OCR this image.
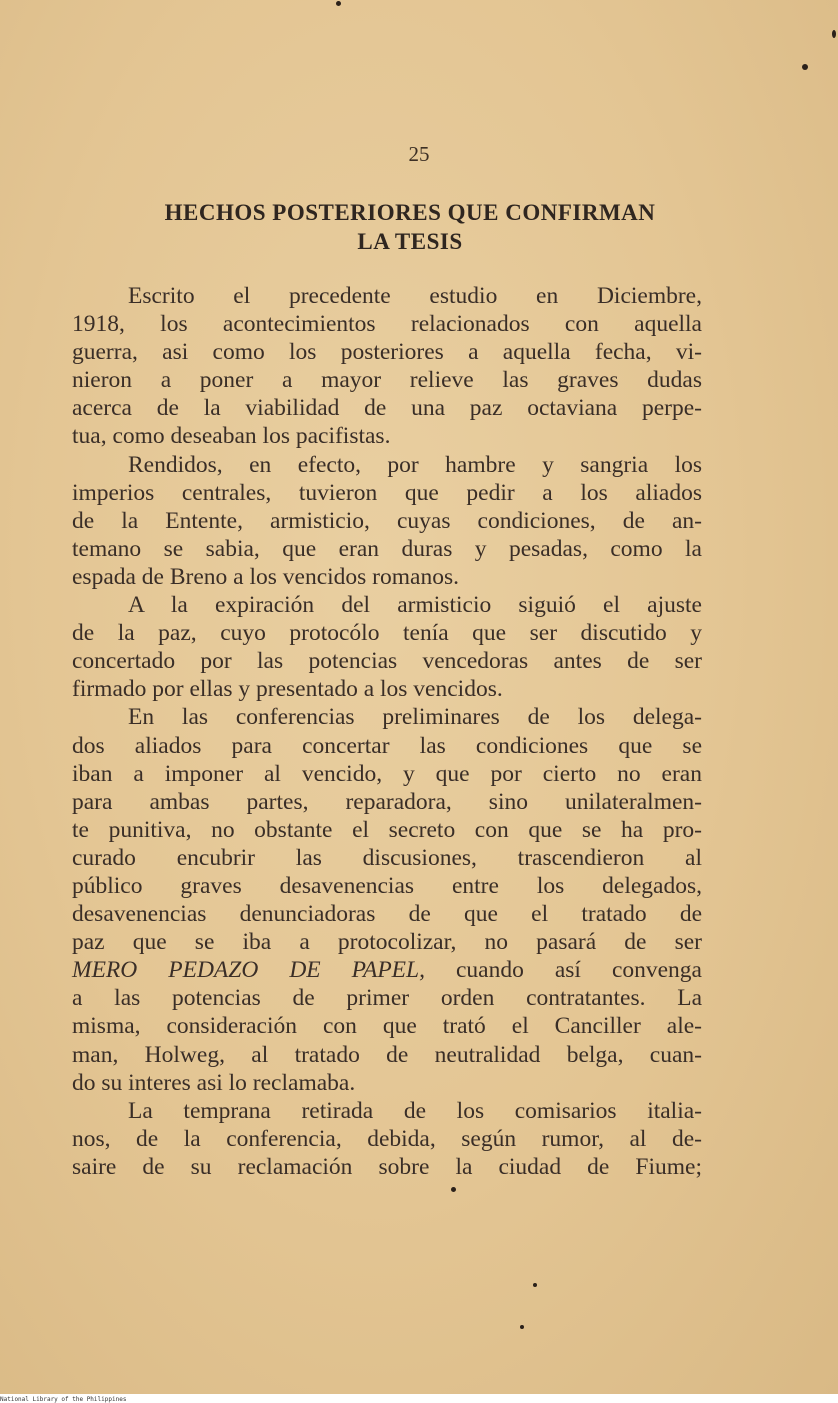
25
HECHOS POSTERIORES QUE CONFIRMAN
LA TESIS
Escrito el precedente estudio en Diciembre,
1918, los acontecimientos relacionados con aquella
guerra, asi como los posteriores a aquella fecha, vi-
nieron a poner a mayor relieve las graves dudas
acerca de la viabilidad de una paz octaviana perpe-
tua, como deseaban los pacifistas.
Rendidos, en efecto, por hambre y sangria los
imperios centrales, tuvieron que pedir a los aliados
de la Entente, armisticio, cuyas condiciones, de an-
temano se sabia, que eran duras y pesadas, como la
espada de Breno a los vencidos romanos.
A la expiración del armisticio siguió el ajuste
de la paz, cuyo protocólo tenía que ser discutido y
concertado por las potencias vencedoras antes de ser
firmado por ellas y presentado a los vencidos.
En las conferencias preliminares de los delega-
dos aliados para concertar las condiciones que se
iban a imponer al vencido, y que por cierto no eran
para ambas partes, reparadora, sino unilateralmen-
te punitiva, no obstante el secreto con que se ha pro-
curado encubrir las discusiones, trascendieron al
público graves desavenencias entre los delegados,
desavenencias denunciadoras de que el tratado de
paz que se iba a protocolizar, no pasará de ser
MERO PEDAZO DE PAPEL, cuando así convenga
a las potencias de primer orden contratantes. La
misma, consideración con que trató el Canciller ale-
man, Holweg, al tratado de neutralidad belga, cuan-
do su interes asi lo reclamaba.
La temprana retirada de los comisarios italia-
nos, de la conferencia, debida, según rumor, al de-
saire de su reclamación sobre la ciudad de Fiume;
National Library of the Philippines
